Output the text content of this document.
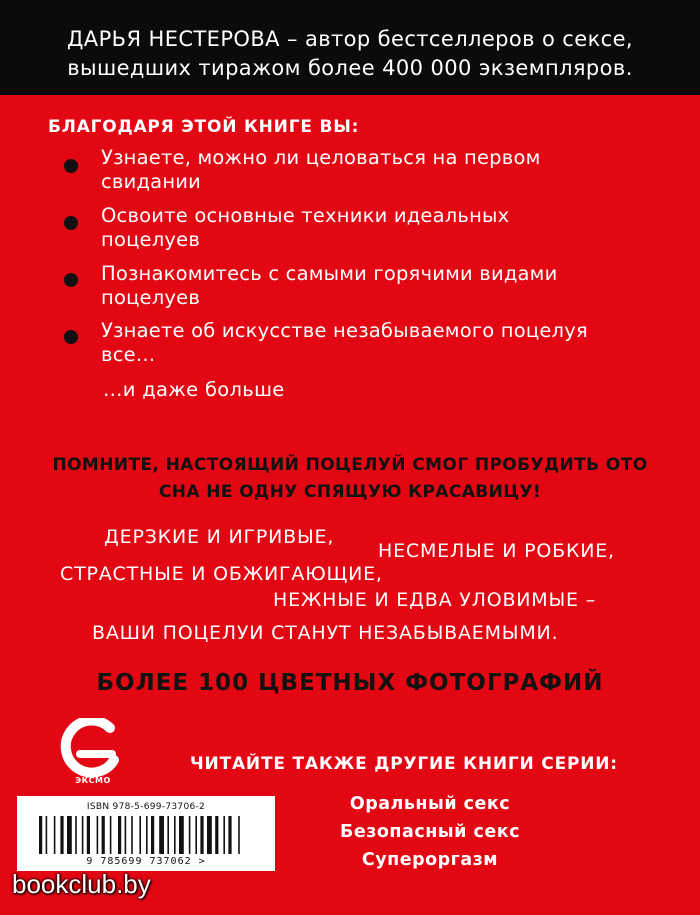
ДАРЬЯ НЕСТЕРОВА – автор бестселлеров о сексе,
вышедших тиражом более 400 000 экземпляров.
БЛАГОДАРЯ ЭТОЙ КНИГЕ ВЫ:
Узнаете, можно ли целоваться на первом
свидании
Освоите основные техники идеальных
поцелуев
Познакомитесь с самыми горячими видами
поцелуев
Узнаете об искусстве незабываемого поцелуя
все…
…и даже больше
ПОМНИТЕ, НАСТОЯЩИЙ ПОЦЕЛУЙ СМОГ ПРОБУДИТЬ ОТО
СНА НЕ ОДНУ СПЯЩУЮ КРАСАВИЦУ!
ДЕРЗКИЕ И ИГРИВЫЕ,
НЕСМЕЛЫЕ И РОБКИЕ,
СТРАСТНЫЕ И ОБЖИГАЮЩИЕ,
НЕЖНЫЕ И ЕДВА УЛОВИМЫЕ –
ВАШИ ПОЦЕЛУИ СТАНУТ НЕЗАБЫВАЕМЫМИ.
БОЛЕЕ 100 ЦВЕТНЫХ ФОТОГРАФИЙ
ЭКСМО
ЧИТАЙТЕ ТАКЖЕ ДРУГИЕ КНИГИ СЕРИИ:
Оральный секс
Безопасный секс
Супероргазм
ISBN 978-5-699-73706-2
9 785699 737062 >
bookclub.by
